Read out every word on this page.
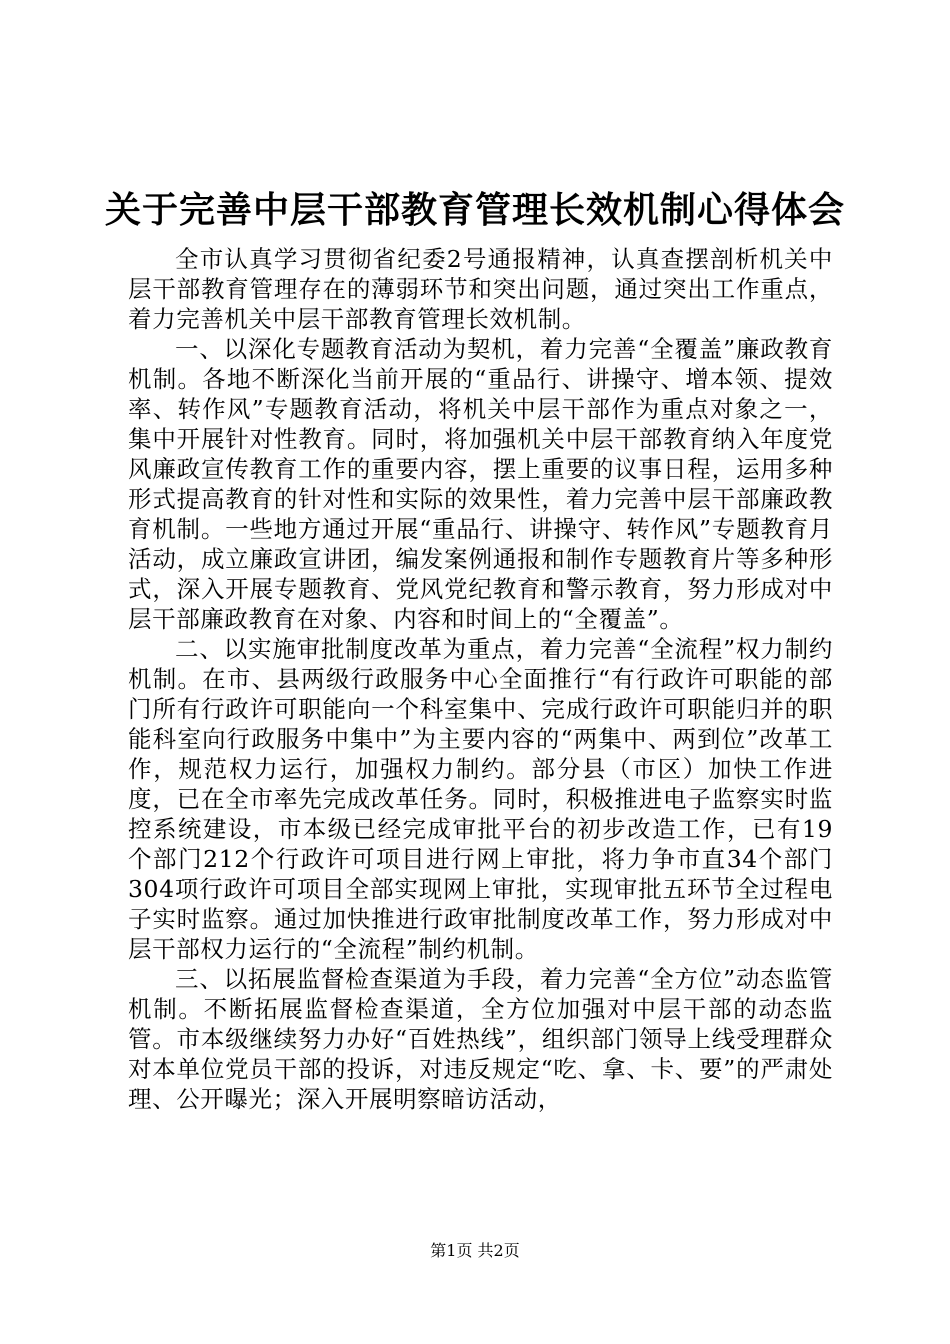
关于完善中层干部教育管理长效机制心得体会

全市认真学习贯彻省纪委2号通报精神，认真查摆剖析机关中层干部教育管理存在的薄弱环节和突出问题，通过突出工作重点，着力完善机关中层干部教育管理长效机制。

一、以深化专题教育活动为契机，着力完善“全覆盖”廉政教育机制。各地不断深化当前开展的“重品行、讲操守、增本领、提效率、转作风”专题教育活动，将机关中层干部作为重点对象之一，集中开展针对性教育。同时，将加强机关中层干部教育纳入年度党风廉政宣传教育工作的重要内容，摆上重要的议事日程，运用多种形式提高教育的针对性和实际的效果性，着力完善中层干部廉政教育机制。一些地方通过开展“重品行、讲操守、转作风”专题教育月活动，成立廉政宣讲团，编发案例通报和制作专题教育片等多种形式，深入开展专题教育、党风党纪教育和警示教育，努力形成对中层干部廉政教育在对象、内容和时间上的“全覆盖”。

二、以实施审批制度改革为重点，着力完善“全流程”权力制约机制。在市、县两级行政服务中心全面推行“有行政许可职能的部门所有行政许可职能向一个科室集中、完成行政许可职能归并的职能科室向行政服务中集中”为主要内容的“两集中、两到位”改革工作，规范权力运行，加强权力制约。部分县（市区）加快工作进度，已在全市率先完成改革任务。同时，积极推进电子监察实时监控系统建设，市本级已经完成审批平台的初步改造工作，已有19个部门212个行政许可项目进行网上审批，将力争市直34个部门304项行政许可项目全部实现网上审批，实现审批五环节全过程电子实时监察。通过加快推进行政审批制度改革工作，努力形成对中层干部权力运行的“全流程”制约机制。

三、以拓展监督检查渠道为手段，着力完善“全方位”动态监管机制。不断拓展监督检查渠道，全方位加强对中层干部的动态监管。市本级继续努力办好“百姓热线”，组织部门领导上线受理群众对本单位党员干部的投诉，对违反规定“吃、拿、卡、要”的严肃处理、公开曝光；深入开展明察暗访活动，

第1页 共2页
